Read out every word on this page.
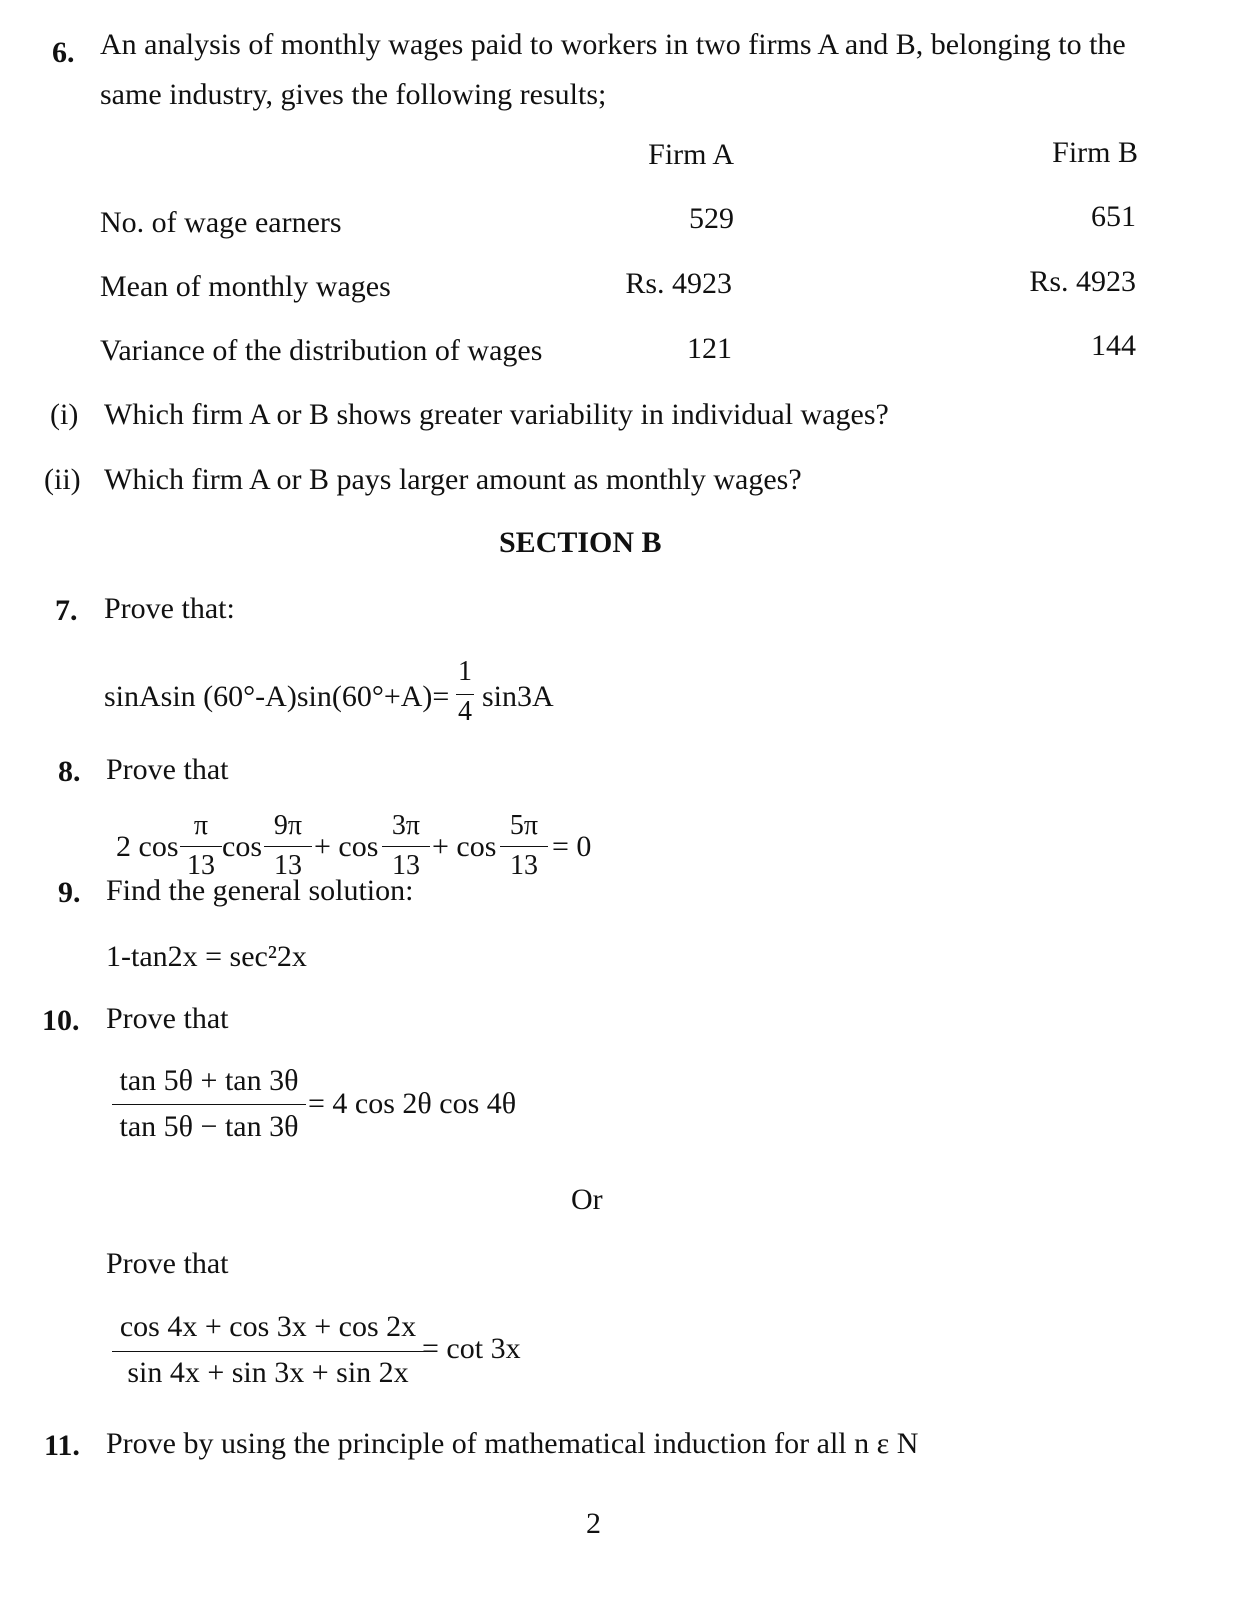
6. An analysis of monthly wages paid to workers in two firms A and B, belonging to the
same industry, gives the following results;
Firm A	Firm B
No. of wage earners	529	651
Mean of monthly wages	Rs. 4923	Rs. 4923
Variance of the distribution of wages	121	144
(i) Which firm A or B shows greater variability in individual wages?
(ii) Which firm A or B pays larger amount as monthly wages?
SECTION B
7. Prove that:
sinAsin (60°-A)sin(60°+A)=
1
4 sin3A
8. Prove that
2 cos
π
13
cos
9π
13
+ cos
3π
13
+ cos
5π
13
= 0
9. Find the general solution:
1-tan2x = sec²2x
10. Prove that
tan 5θ + tan 3θ
tan 5θ − tan 3θ
= 4 cos 2θ cos 4θ
Or
Prove that
cos 4x + cos 3x + cos 2x
sin 4x + sin 3x + sin 2x
= cot 3x
11. Prove by using the principle of mathematical induction for all n ε N
2
